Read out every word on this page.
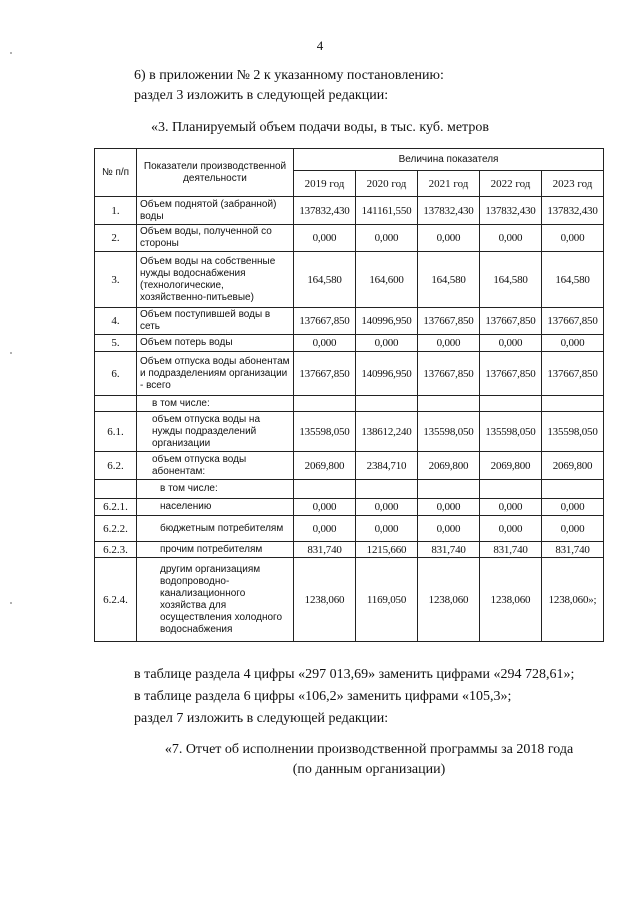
4
6) в приложении № 2 к указанному постановлению:
раздел 3 изложить в следующей редакции:
«3. Планируемый объем подачи воды, в тыс. куб. метров
№ п/п	Показатели производственной деятельности	Величина показателя				
		2019 год	2020 год	2021 год	2022 год	2023 год
1.	Объем поднятой (забранной) воды	137832,430	141161,550	137832,430	137832,430	137832,430
2.	Объем воды, полученной со стороны	0,000	0,000	0,000	0,000	0,000
3.	Объем воды на собственные нужды водоснабжения (технологические, хозяйственно-питьевые)	164,580	164,600	164,580	164,580	164,580
4.	Объем поступившей воды в сеть	137667,850	140996,950	137667,850	137667,850	137667,850
5.	Объем потерь воды	0,000	0,000	0,000	0,000	0,000
6.	Объем отпуска воды абонентам и подразделениям организации - всего	137667,850	140996,950	137667,850	137667,850	137667,850
	в том числе:					
6.1.	объем отпуска воды на нужды подразделений организации	135598,050	138612,240	135598,050	135598,050	135598,050
6.2.	объем отпуска воды абонентам:	2069,800	2384,710	2069,800	2069,800	2069,800
	в том числе:					
6.2.1.	населению	0,000	0,000	0,000	0,000	0,000
6.2.2.	бюджетным потребителям	0,000	0,000	0,000	0,000	0,000
6.2.3.	прочим потребителям	831,740	1215,660	831,740	831,740	831,740
6.2.4.	другим организациям водопроводно-канализационного хозяйства для осуществления холодного водоснабжения	1238,060	1169,050	1238,060	1238,060	1238,060»;
в таблице раздела 4 цифры «297 013,69» заменить цифрами «294 728,61»;
в таблице раздела 6 цифры «106,2» заменить цифрами «105,3»;
раздел 7 изложить в следующей редакции:
«7. Отчет об исполнении производственной программы за 2018 года
(по данным организации)
